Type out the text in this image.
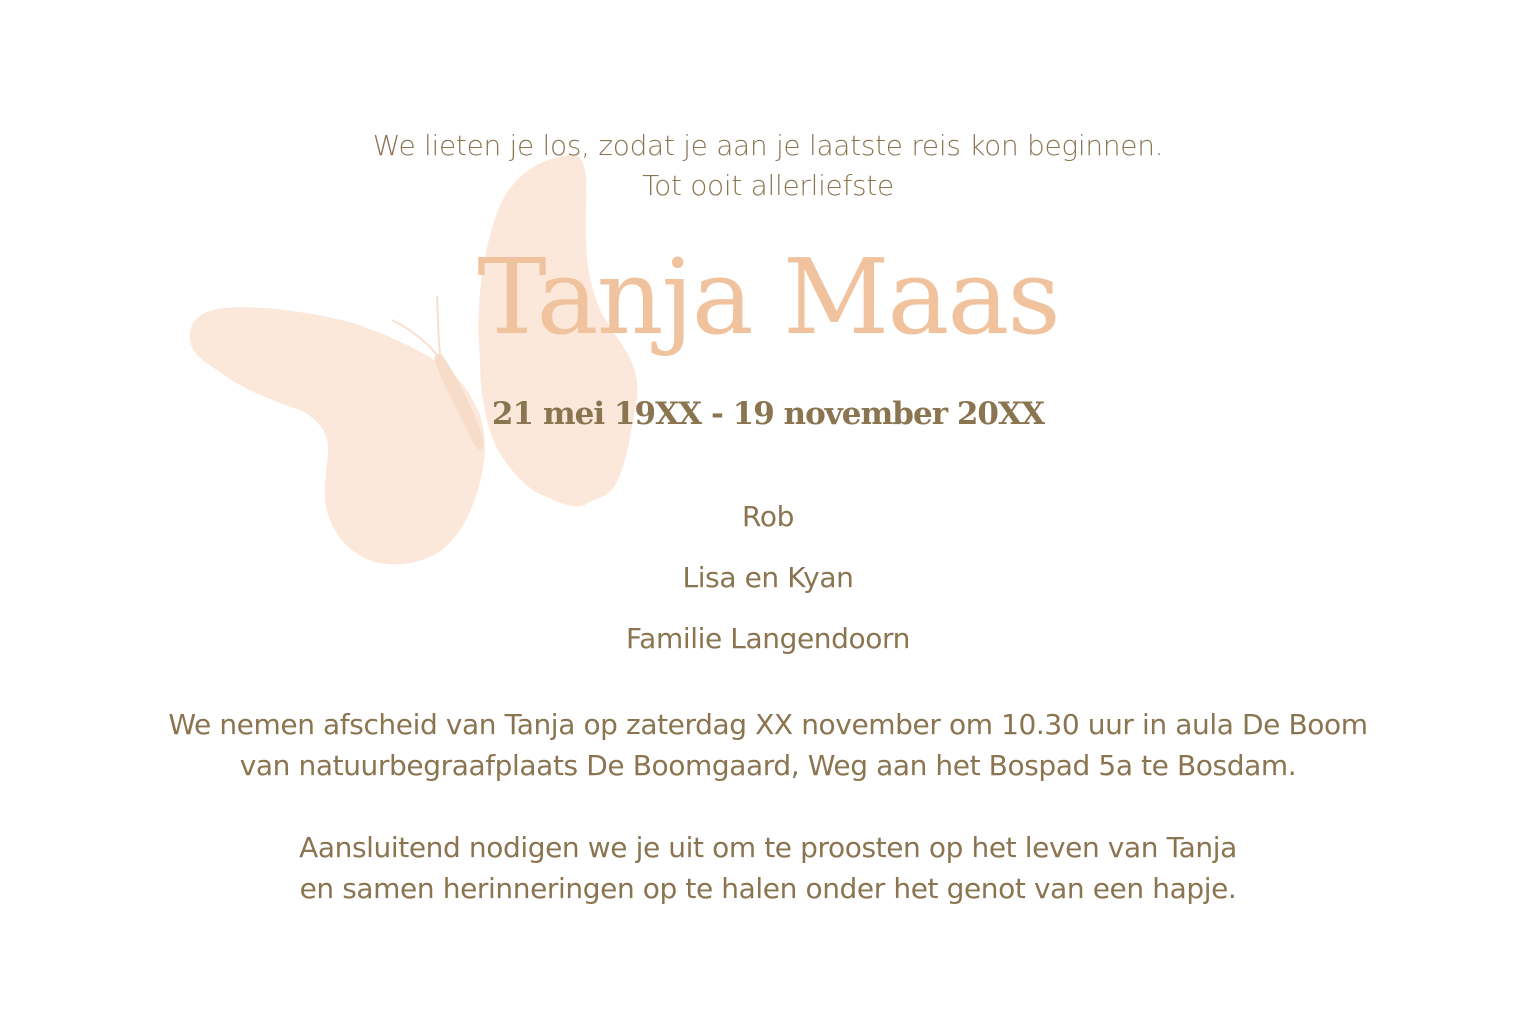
We lieten je los, zodat je aan je laatste reis kon beginnen.
Tot ooit allerliefste
Tanja Maas
21 mei 19XX - 19 november 20XX
Rob
Lisa en Kyan
Familie Langendoorn
We nemen afscheid van Tanja op zaterdag XX november om 10.30 uur in aula De Boom
van natuurbegraafplaats De Boomgaard, Weg aan het Bospad 5a te Bosdam.
Aansluitend nodigen we je uit om te proosten op het leven van Tanja
en samen herinneringen op te halen onder het genot van een hapje.
